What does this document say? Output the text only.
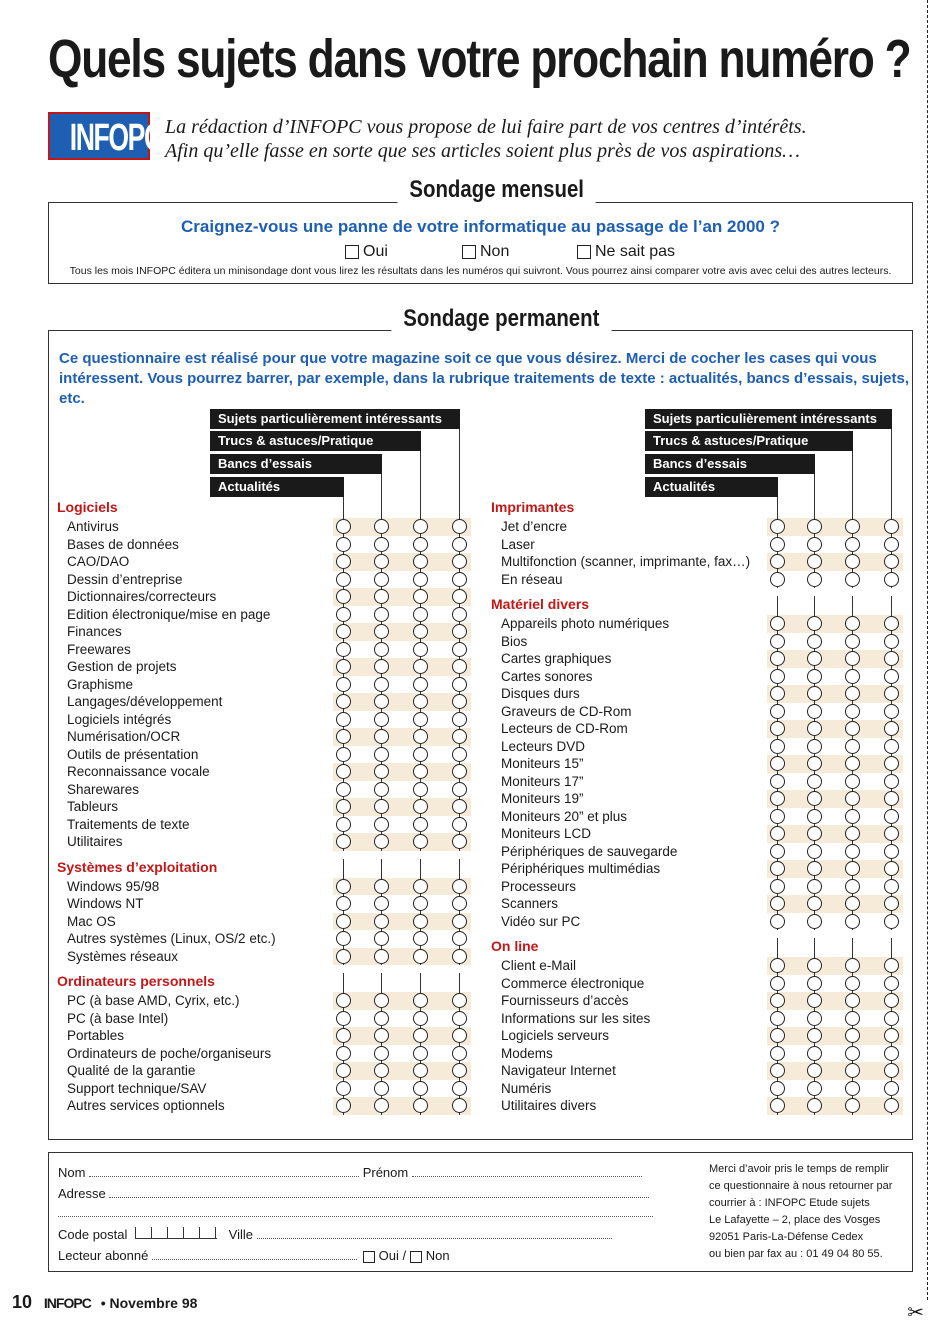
Quels sujets dans votre prochain numéro ?
INFOPC La rédaction d’INFOPC vous propose de lui faire part de vos centres d’intérêts.
Afin qu’elle fasse en sorte que ses articles soient plus près de vos aspirations…
Craignez-vous une panne de votre informatique au passage de l’an 2000 ?
Oui	Non	Ne sait pas
Tous les mois INFOPC éditera un minisondage dont vous lirez les résultats dans les numéros qui suivront. Vous pourrez ainsi comparer votre avis avec celui des autres lecteurs.
Sondage mensuel
Ce questionnaire est réalisé pour que votre magazine soit ce que vous désirez. Merci de cocher les cases qui vous intéressent. Vous pourrez barrer, par exemple, dans la rubrique traitements de texte : actualités, bancs d’essais, sujets, etc.
Sujets particulièrement intéressants
Trucs & astuces/Pratique
Bancs d’essais
Actualités
Sujets particulièrement intéressants
Trucs & astuces/Pratique
Bancs d’essais
Actualités
Logiciels
Antivirus
Bases de données
CAO/DAO
Dessin d’entreprise
Dictionnaires/correcteurs
Edition électronique/mise en page
Finances
Freewares
Gestion de projets
Graphisme
Langages/développement
Logiciels intégrés
Numérisation/OCR
Outils de présentation
Reconnaissance vocale
Sharewares
Tableurs
Traitements de texte
Utilitaires
Systèmes d’exploitation
Windows 95/98
Windows NT
Mac OS
Autres systèmes (Linux, OS/2 etc.)
Systèmes réseaux
Ordinateurs personnels
PC (à base AMD, Cyrix, etc.)
PC (à base Intel)
Portables
Ordinateurs de poche/organiseurs
Qualité de la garantie
Support technique/SAV
Autres services optionnels
Imprimantes
Jet d’encre
Laser
Multifonction (scanner, imprimante, fax…)
En réseau
Matériel divers
Appareils photo numériques
Bios
Cartes graphiques
Cartes sonores
Disques durs
Graveurs de CD-Rom
Lecteurs de CD-Rom
Lecteurs DVD
Moniteurs 15”
Moniteurs 17”
Moniteurs 19”
Moniteurs 20” et plus
Moniteurs LCD
Périphériques de sauvegarde
Périphériques multimédias
Processeurs
Scanners
Vidéo sur PC
On line
Client e-Mail
Commerce électronique
Fournisseurs d’accès
Informations sur les sites
Logiciels serveurs
Modems
Navigateur Internet
Numéris
Utilitaires divers
Sondage permanent
Nom	Prénom
Adresse
Code postal	Ville
Lecteur abonné	Oui / Non
Merci d’avoir pris le temps de remplir
ce questionnaire à nous retourner par
courrier à : INFOPC Etude sujets
Le Lafayette – 2, place des Vosges
92051 Paris-La-Défense Cedex
ou bien par fax au : 01 49 04 80 55.
10 INFOPC • Novembre 98	✂
